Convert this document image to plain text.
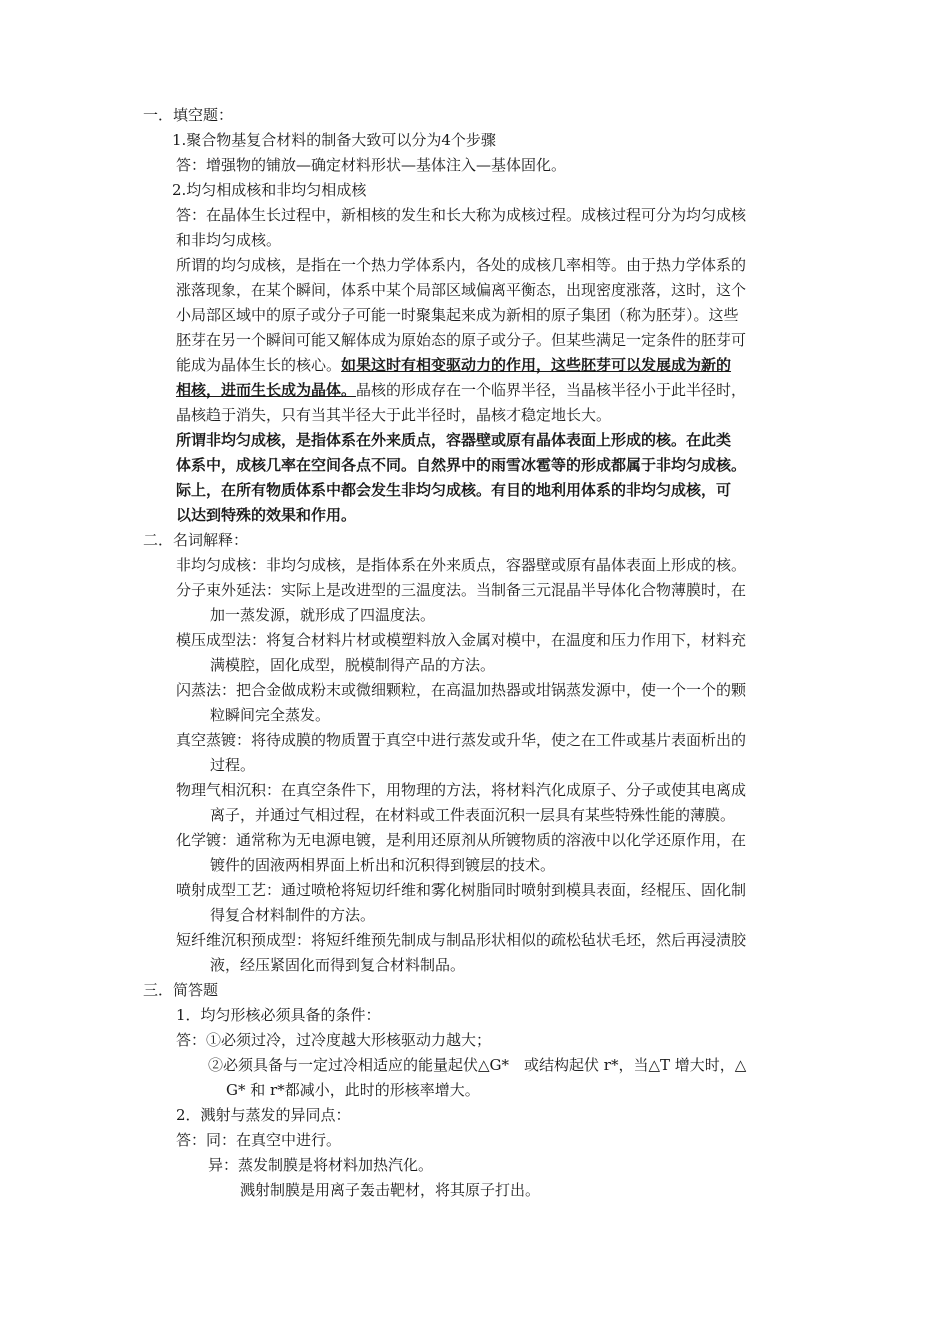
一．填空题：
1.聚合物基复合材料的制备大致可以分为4个步骤
答：增强物的铺放—确定材料形状—基体注入—基体固化。
2.均匀相成核和非均匀相成核
答：在晶体生长过程中，新相核的发生和长大称为成核过程。成核过程可分为均匀成核
和非均匀成核。
所谓的均匀成核，是指在一个热力学体系内，各处的成核几率相等。由于热力学体系的
涨落现象，在某个瞬间，体系中某个局部区域偏离平衡态，出现密度涨落，这时，这个
小局部区域中的原子或分子可能一时聚集起来成为新相的原子集团（称为胚芽）。这些
胚芽在另一个瞬间可能又解体成为原始态的原子或分子。但某些满足一定条件的胚芽可
能成为晶体生长的核心。如果这时有相变驱动力的作用，这些胚芽可以发展成为新的
相核，进而生长成为晶体。晶核的形成存在一个临界半径，当晶核半径小于此半径时，
晶核趋于消失，只有当其半径大于此半径时，晶核才稳定地长大。
所谓非均匀成核，是指体系在外来质点，容器壁或原有晶体表面上形成的核。在此类
体系中，成核几率在空间各点不同。自然界中的雨雪冰雹等的形成都属于非均匀成核。
际上，在所有物质体系中都会发生非均匀成核。有目的地利用体系的非均匀成核，可
以达到特殊的效果和作用。
二．名词解释：
非均匀成核：非均匀成核，是指体系在外来质点，容器壁或原有晶体表面上形成的核。
分子束外延法：实际上是改进型的三温度法。当制备三元混晶半导体化合物薄膜时，在
加一蒸发源，就形成了四温度法。
模压成型法：将复合材料片材或模塑料放入金属对模中，在温度和压力作用下，材料充
满模腔，固化成型，脱模制得产品的方法。
闪蒸法：把合金做成粉末或微细颗粒，在高温加热器或坩锅蒸发源中，使一个一个的颗
粒瞬间完全蒸发。
真空蒸镀：将待成膜的物质置于真空中进行蒸发或升华，使之在工件或基片表面析出的
过程。
物理气相沉积：在真空条件下，用物理的方法，将材料汽化成原子、分子或使其电离成
离子，并通过气相过程，在材料或工件表面沉积一层具有某些特殊性能的薄膜。
化学镀：通常称为无电源电镀，是利用还原剂从所镀物质的溶液中以化学还原作用，在
镀件的固液两相界面上析出和沉积得到镀层的技术。
喷射成型工艺：通过喷枪将短切纤维和雾化树脂同时喷射到模具表面，经棍压、固化制
得复合材料制件的方法。
短纤维沉积预成型：将短纤维预先制成与制品形状相似的疏松毡状毛坯，然后再浸渍胶
液，经压紧固化而得到复合材料制品。
三．简答题
1．均匀形核必须具备的条件：
答：①必须过冷，过冷度越大形核驱动力越大；
②必须具备与一定过冷相适应的能量起伏△G*　或结构起伏 r*，当△T 增大时，△
G* 和 r*都减小，此时的形核率增大。
2．溅射与蒸发的异同点：
答：同：在真空中进行。
异：蒸发制膜是将材料加热汽化。
溅射制膜是用离子轰击靶材，将其原子打出。
